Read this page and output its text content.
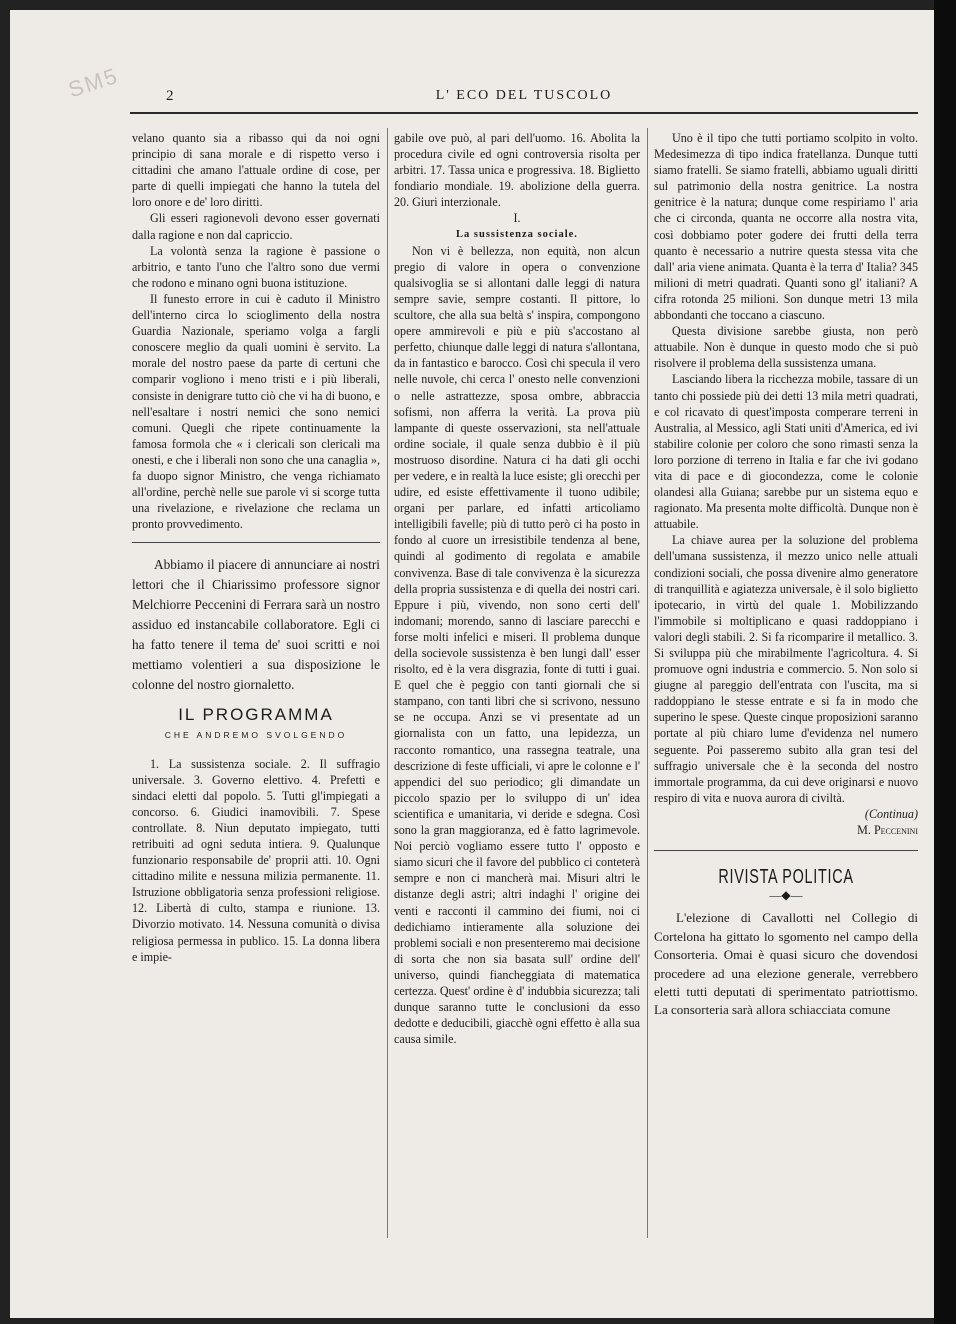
SM5	2	L' ECO DEL TUSCOLO

velano quanto sia a ribasso qui da noi ogni principio di sana morale e di rispetto verso i cittadini che amano l'attuale ordine di cose, per parte di quelli impiegati che hanno la tutela del loro onore e de' loro diritti.

Gli esseri ragionevoli devono esser governati dalla ragione e non dal capriccio.

La volontà senza la ragione è passione o arbitrio, e tanto l'uno che l'altro sono due vermi che rodono e minano ogni buona istituzione.

Il funesto errore in cui è caduto il Ministro dell'interno circa lo scioglimento della nostra Guardia Nazionale, speriamo volga a fargli conoscere meglio da quali uomini è servito. La morale del nostro paese da parte di certuni che comparir vogliono i meno tristi e i più liberali, consiste in denigrare tutto ciò che vi ha di buono, e nell'esaltare i nostri nemici che sono nemici comuni. Quegli che ripete continuamente la famosa formola che « i clericali son clericali ma onesti, e che i liberali non sono che una canaglia », fa duopo signor Ministro, che venga richiamato all'ordine, perchè nelle sue parole vi si scorge tutta una rivelazione, e rivelazione che reclama un pronto provvedimento.

Abbiamo il piacere di annunciare ai nostri lettori che il Chiarissimo professore signor Melchiorre Peccenini di Ferrara sarà un nostro assiduo ed instancabile collaboratore. Egli ci ha fatto tenere il tema de' suoi scritti e noi mettiamo volentieri a sua disposizione le colonne del nostro giornaletto.

IL PROGRAMMA
CHE ANDREMO SVOLGENDO

1. La sussistenza sociale. 2. Il suffragio universale. 3. Governo elettivo. 4. Prefetti e sindaci eletti dal popolo. 5. Tutti gl'impiegati a concorso. 6. Giudici inamovibili. 7. Spese controllate. 8. Niun deputato impiegato, tutti retribuiti ad ogni seduta intiera. 9. Qualunque funzionario responsabile de' proprii atti. 10. Ogni cittadino milite e nessuna milizia permanente. 11. Istruzione obbligatoria senza professioni religiose. 12. Libertà di culto, stampa e riunione. 13. Divorzio motivato. 14. Nessuna comunità o divisa religiosa permessa in publico. 15. La donna libera e impie-

gabile ove può, al pari dell'uomo. 16. Abolita la procedura civile ed ogni controversia risolta per arbitri. 17. Tassa unica e progressiva. 18. Biglietto fondiario mondiale. 19. abolizione della guerra. 20. Giuri interzionale.

I.

La sussistenza sociale.

Non vi è bellezza, non equità, non alcun pregio di valore in opera o convenzione qualsivoglia se si allontani dalle leggi di natura sempre savie, sempre costanti. Il pittore, lo scultore, che alla sua beltà s' inspira, compongono opere ammirevoli e più e più s'accostano al perfetto, chiunque dalle leggi di natura s'allontana, da in fantastico e barocco. Così chi specula il vero nelle nuvole, chi cerca l' onesto nelle convenzioni o nelle astrattezze, sposa ombre, abbraccia sofismi, non afferra la verità. La prova più lampante di queste osservazioni, sta nell'attuale ordine sociale, il quale senza dubbio è il più mostruoso disordine. Natura ci ha dati gli occhi per vedere, e in realtà la luce esiste; gli orecchi per udire, ed esiste effettivamente il tuono udibile; organi per parlare, ed infatti articoliamo intelligibili favelle; più di tutto però ci ha posto in fondo al cuore un irresistibile tendenza al bene, quindi al godimento di regolata e amabile convivenza. Base di tale convivenza è la sicurezza della propria sussistenza e di quella dei nostri cari. Eppure i più, vivendo, non sono certi dell' indomani; morendo, sanno di lasciare parecchi e forse molti infelici e miseri. Il problema dunque della socievole sussistenza è ben lungi dall' esser risolto, ed è la vera disgrazia, fonte di tutti i guai. E quel che è peggio con tanti giornali che si stampano, con tanti libri che si scrivono, nessuno se ne occupa. Anzi se vi presentate ad un giornalista con un fatto, una lepidezza, un racconto romantico, una rassegna teatrale, una descrizione di feste ufficiali, vi apre le colonne e l' appendici del suo periodico; gli dimandate un piccolo spazio per lo sviluppo di un' idea scientifica e umanitaria, vi deride e sdegna. Così sono la gran maggioranza, ed è fatto lagrimevole. Noi perciò vogliamo essere tutto l' opposto e siamo sicuri che il favore del pubblico ci conteterà sempre e non ci mancherà mai. Misuri altri le distanze degli astri; altri indaghi l' origine dei venti e racconti il cammino dei fiumi, noi ci dedichiamo intieramente alla soluzione dei problemi sociali e non presenteremo mai decisione di sorta che non sia basata sull' ordine dell' universo, quindi fiancheggiata di matematica certezza. Quest' ordine è d' indubbia sicurezza; tali dunque saranno tutte le conclusioni da esso dedotte e deducibili, giacchè ogni effetto è alla sua causa simile.

Uno è il tipo che tutti portiamo scolpito in volto. Medesimezza di tipo indica fratellanza. Dunque tutti siamo fratelli. Se siamo fratelli, abbiamo uguali diritti sul patrimonio della nostra genitrice. La nostra genitrice è la natura; dunque come respiriamo l' aria che ci circonda, quanta ne occorre alla nostra vita, così dobbiamo poter godere dei frutti della terra quanto è necessario a nutrire questa stessa vita che dall' aria viene animata. Quanta è la terra d' Italia? 345 milioni di metri quadrati. Quanti sono gl' italiani? A cifra rotonda 25 milioni. Son dunque metri 13 mila abbondanti che toccano a ciascuno.

Questa divisione sarebbe giusta, non però attuabile. Non è dunque in questo modo che si può risolvere il problema della sussistenza umana.

Lasciando libera la ricchezza mobile, tassare di un tanto chi possiede più dei detti 13 mila metri quadrati, e col ricavato di quest'imposta comperare terreni in Australia, al Messico, agli Stati uniti d'America, ed ivi stabilire colonie per coloro che sono rimasti senza la loro porzione di terreno in Italia e far che ivi godano vita di pace e di giocondezza, come le colonie olandesi alla Guiana; sarebbe pur un sistema equo e ragionato. Ma presenta molte difficoltà. Dunque non è attuabile.

La chiave aurea per la soluzione del problema dell'umana sussistenza, il mezzo unico nelle attuali condizioni sociali, che possa divenire almo generatore di tranquillità e agiatezza universale, è il solo biglietto ipotecario, in virtù del quale 1. Mobilizzando l'immobile si moltiplicano e quasi raddoppiano i valori degli stabili. 2. Si fa ricomparire il metallico. 3. Si sviluppa più che mirabilmente l'agricoltura. 4. Si promuove ogni industria e commercio. 5. Non solo si giugne al pareggio dell'entrata con l'uscita, ma si raddoppiano le stesse entrate e si fa in modo che superino le spese. Queste cinque proposizioni saranno portate al più chiaro lume d'evidenza nel numero seguente. Poi passeremo subito alla gran tesi del suffragio universale che è la seconda del nostro immortale programma, da cui deve originarsi e nuovo respiro di vita e nuova aurora di civiltà.

(Continua)

M. Peccenini

RIVISTA POLITICA
—◆—

L'elezione di Cavallotti nel Collegio di Cortelona ha gittato lo sgomento nel campo della Consorteria. Omai è quasi sicuro che dovendosi procedere ad una elezione generale, verrebbero eletti tutti deputati di sperimentato patriottismo. La consorteria sarà allora schiacciata comune
